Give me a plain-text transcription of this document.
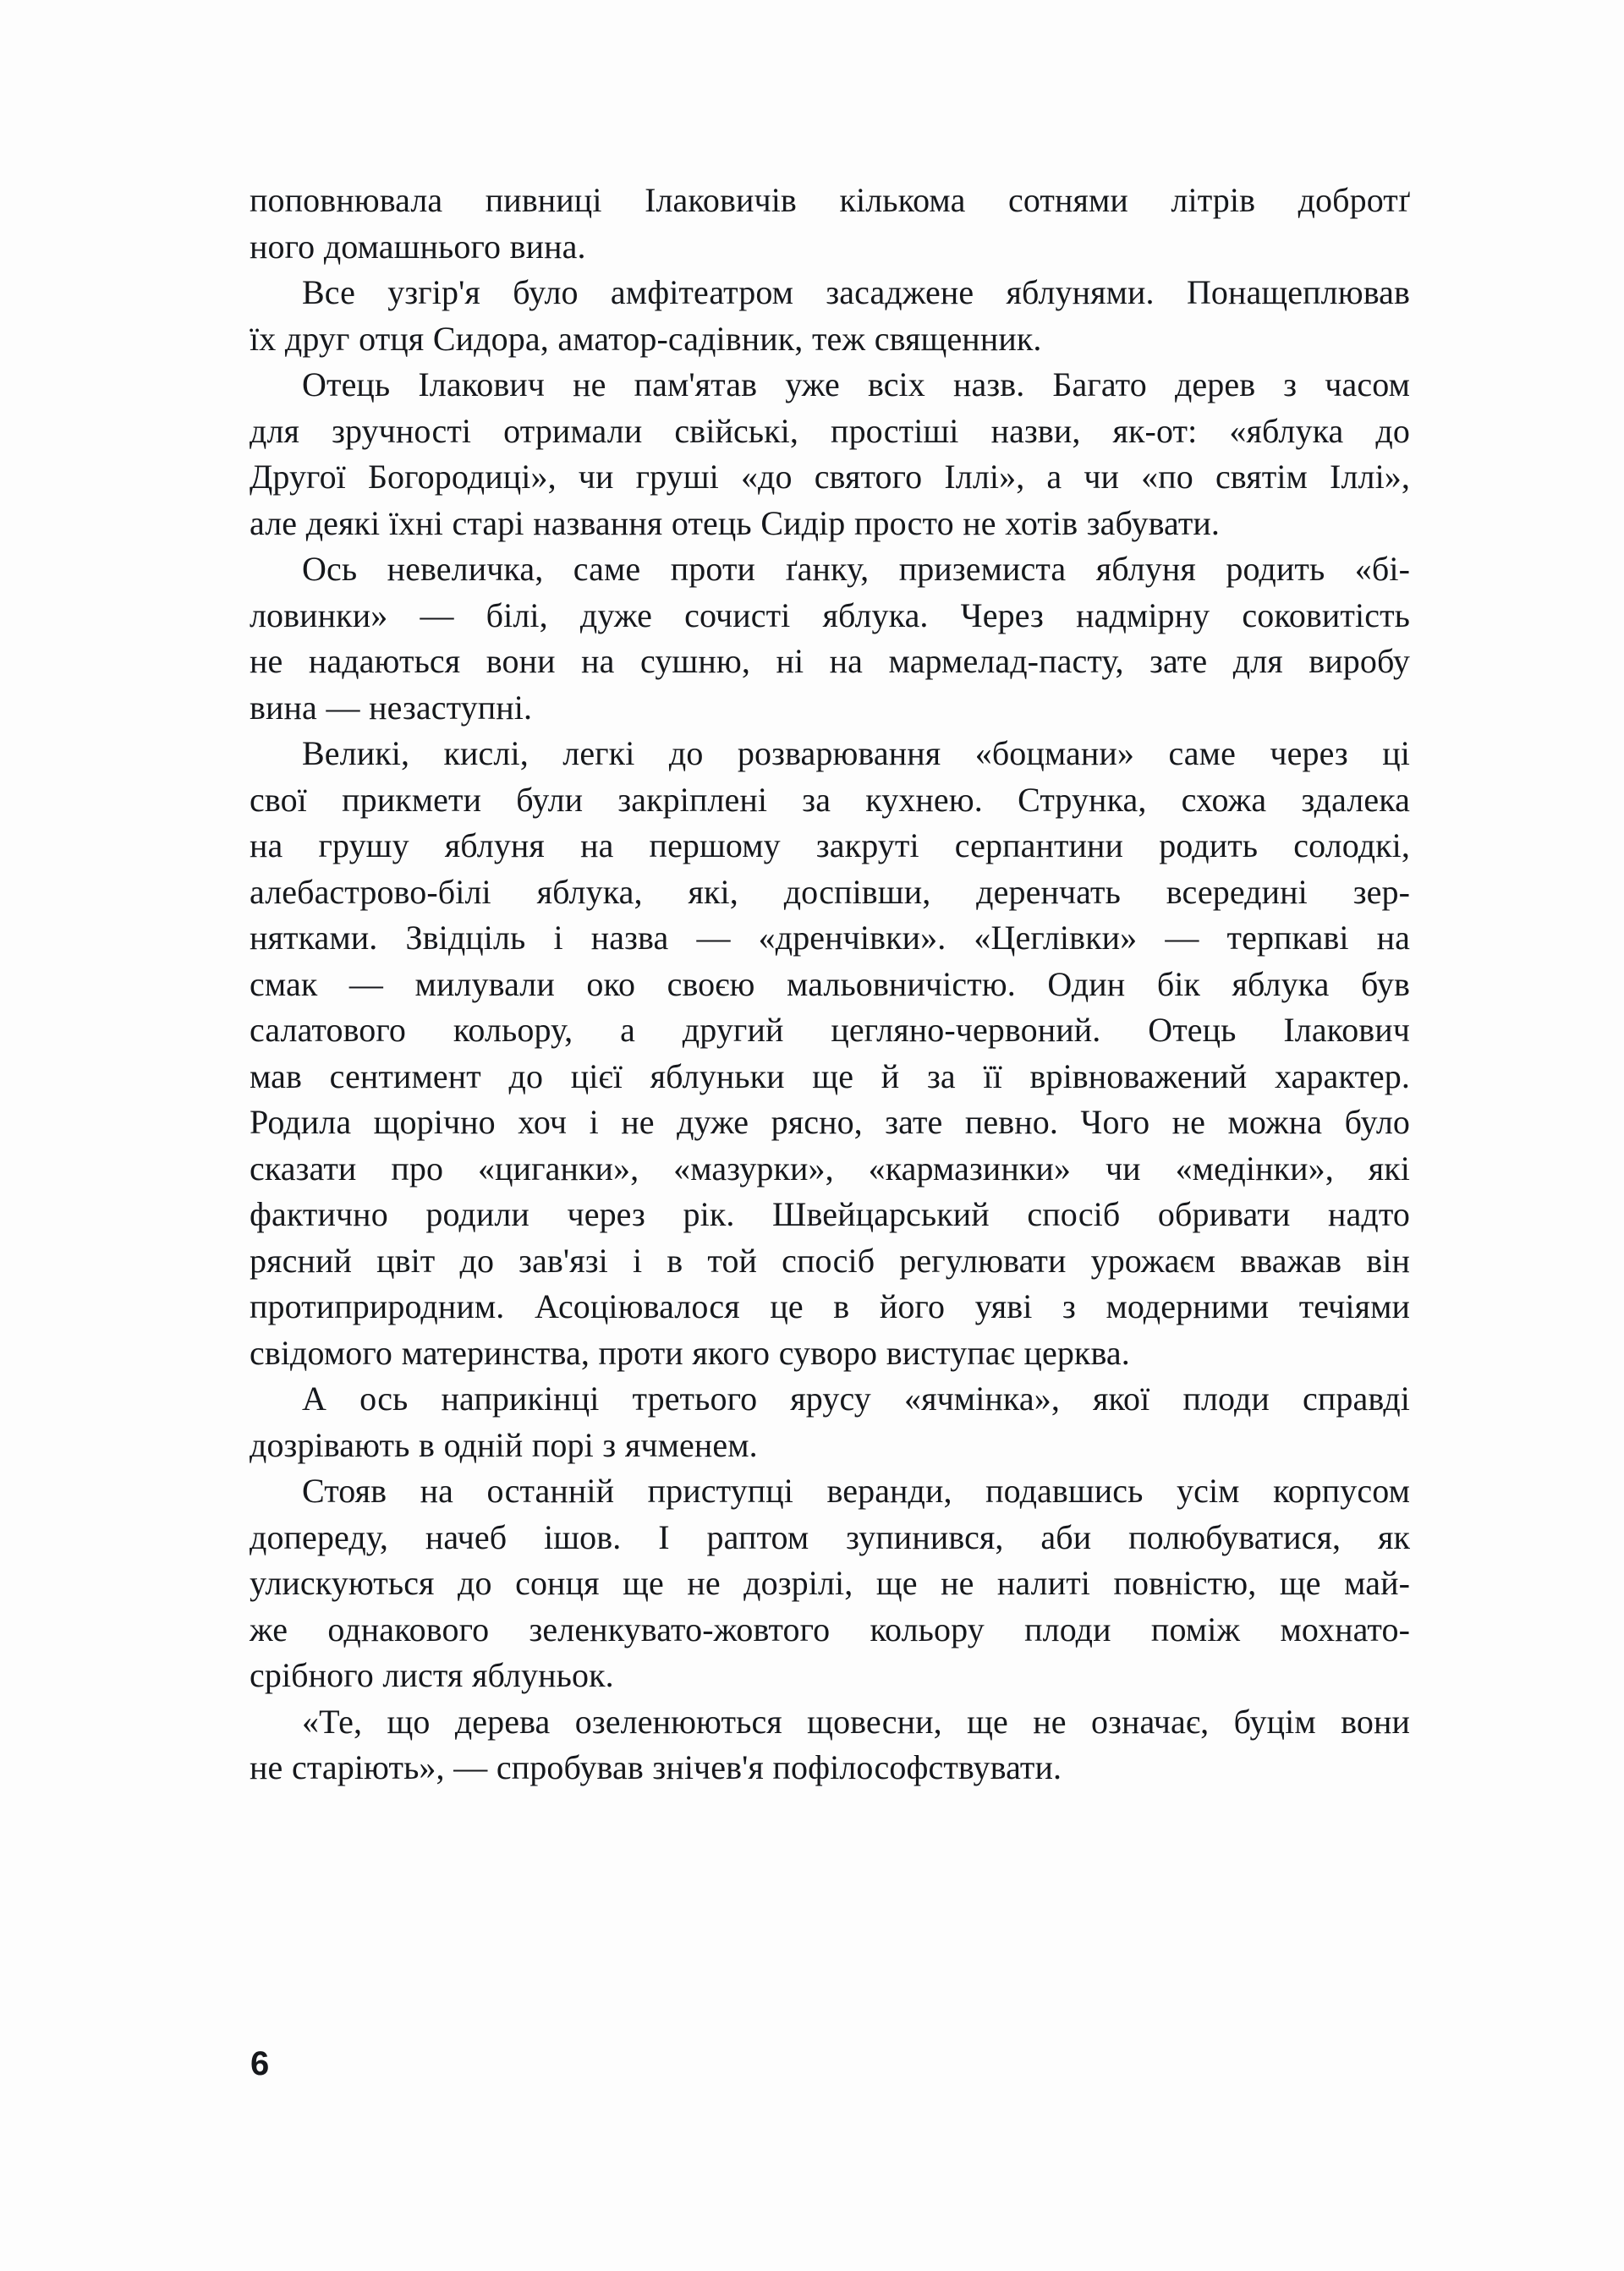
поповнювала пивниці Ілаковичів кількома сотнями літрів добротґ
ного домашнього вина.

Все узгір'я було амфітеатром засаджене яблунями. Понащеплював
їх друг отця Сидора, аматор-садівник, теж священник.

Отець Ілакович не пам'ятав уже всіх назв. Багато дерев з часом
для зручності отримали свійські, простіші назви, як-от: «яблука до
Другої Богородиці», чи груші «до святого Іллі», а чи «по святім Іллі»,
але деякі їхні старі названня отець Сидір просто не хотів забувати.

Ось невеличка, саме проти ґанку, приземиста яблуня родить «бі-
ловинки» — білі, дуже сочисті яблука. Через надмірну соковитість
не надаються вони на сушню, ні на мармелад-пасту, зате для виробу
вина — незаступні.

Великі, кислі, легкі до розварювання «боцмани» саме через ці
свої прикмети були закріплені за кухнею. Струнка, схожа здалека
на грушу яблуня на першому закруті серпантини родить солодкі,
алебастрово-білі яблука, які, доспівши, деренчать всередині зер-
нятками. Звідціль і назва — «дренчівки». «Цеглівки» — терпкаві на
смак — милували око своєю мальовничістю. Один бік яблука був
салатового кольору, а другий цегляно-червоний. Отець Ілакович
мав сентимент до цієї яблуньки ще й за її врівноважений характер.
Родила щорічно хоч і не дуже рясно, зате певно. Чого не можна було
сказати про «циганки», «мазурки», «кармазинки» чи «медінки», які
фактично родили через рік. Швейцарський спосіб обривати надто
рясний цвіт до зав'язі і в той спосіб регулювати урожаєм вважав він
протиприродним. Асоціювалося це в його уяві з модерними течіями
свідомого материнства, проти якого суворо виступає церква.

А ось наприкінці третього ярусу «ячмінка», якої плоди справді
дозрівають в одній порі з ячменем.

Стояв на останній приступці веранди, подавшись усім корпусом
допереду, начеб ішов. І раптом зупинився, аби полюбуватися, як
улискуються до сонця ще не дозрілі, ще не налиті повністю, ще май-
же однакового зеленкувато-жовтого кольору плоди поміж мохнато-
срібного листя яблуньок.

«Те, що дерева озеленюються щовесни, ще не означає, буцім вони
не старіють», — спробував знічев'я пофілософствувати.

6
